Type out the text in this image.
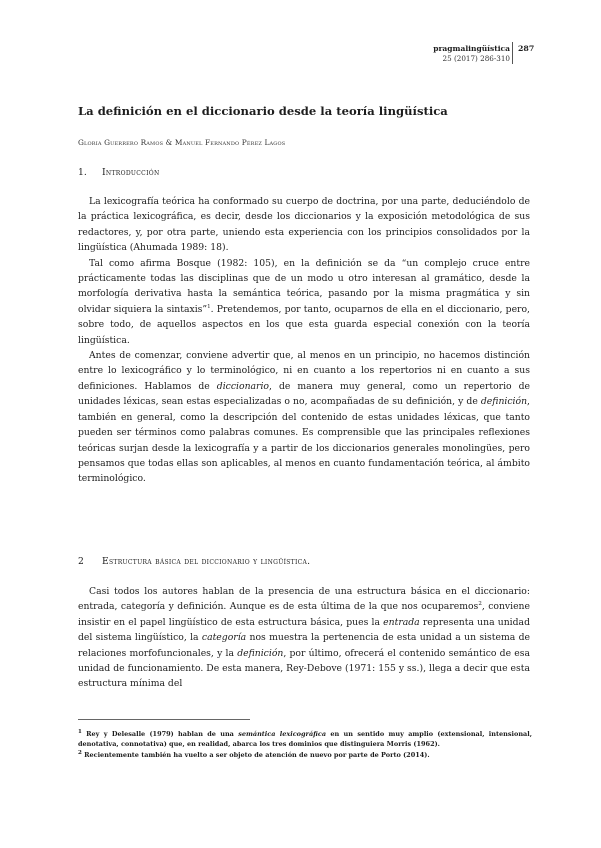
pragmalingüística
25 (2017) 286-310
287
La definición en el diccionario desde la teoría lingüística
Gloria Guerrero Ramos & Manuel Fernando Pérez Lagos
1. Introducción

La lexicografía teórica ha conformado su cuerpo de doctrina, por una parte, deduciéndolo de la práctica lexicográfica, es decir, desde los diccionarios y la exposición metodológica de sus redactores, y, por otra parte, uniendo esta experiencia con los principios consolidados por la lingüística (Ahumada 1989: 18).

Tal como afirma Bosque (1982: 105), en la definición se da “un complejo cruce entre prácticamente todas las disciplinas que de un modo u otro interesan al gramático, desde la morfología derivativa hasta la semántica teórica, pasando por la misma pragmática y sin olvidar siquiera la sintaxis”$^1$. Pretendemos, por tanto, ocuparnos de ella en el diccionario, pero, sobre todo, de aquellos aspectos en los que esta guarda especial conexión con la teoría lingüística.

Antes de comenzar, conviene advertir que, al menos en un principio, no hacemos distinción entre lo lexicográfico y lo terminológico, ni en cuanto a los repertorios ni en cuanto a sus definiciones. Hablamos de diccionario, de manera muy general, como un repertorio de unidades léxicas, sean estas especializadas o no, acompañadas de su definición, y de definición, también en general, como la descripción del contenido de estas unidades léxicas, que tanto pueden ser términos como palabras comunes. Es comprensible que las principales reflexiones teóricas surjan desde la lexicografía y a partir de los diccionarios generales monolingües, pero pensamos que todas ellas son aplicables, al menos en cuanto fundamentación teórica, al ámbito terminológico.

2 Estructura básica del diccionario y lingüística.

Casi todos los autores hablan de la presencia de una estructura básica en el diccionario: entrada, categoría y definición. Aunque es de esta última de la que nos ocuparemos$^2$, conviene insistir en el papel lingüístico de esta estructura básica, pues la entrada representa una unidad del sistema lingüístico, la categoría nos muestra la pertenencia de esta unidad a un sistema de relaciones morfofuncionales, y la definición, por último, ofrecerá el contenido semántico de esa unidad de funcionamiento. De esta manera, Rey-Debove (1971: 155 y ss.), llega a decir que esta estructura mínima del

$^1$ Rey y Delesalle (1979) hablan de una semántica lexicográfica en un sentido muy amplio (extensional, intensional, denotativa, connotativa) que, en realidad, abarca los tres dominios que distinguiera Morris (1962).

$^2$ Recientemente también ha vuelto a ser objeto de atención de nuevo por parte de Porto (2014).
